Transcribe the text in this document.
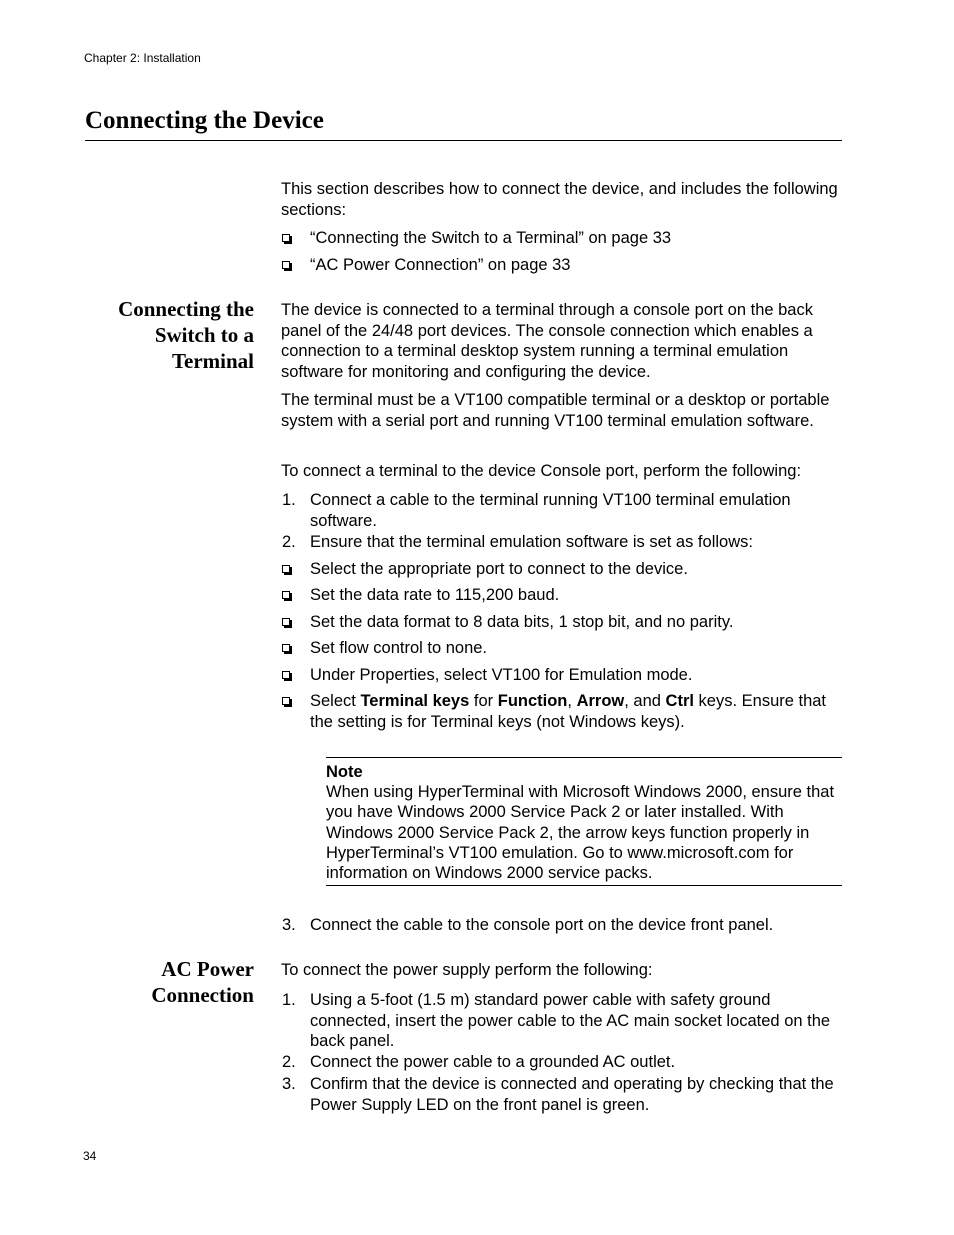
Chapter 2: Installation
Connecting the Device
This section describes how to connect the device, and includes the following sections:
“Connecting the Switch to a Terminal” on page 33
“AC Power Connection” on page 33
Connecting the
Switch to a
Terminal
The device is connected to a terminal through a console port on the back panel of the 24/48 port devices. The console connection which enables a connection to a terminal desktop system running a terminal emulation software for monitoring and configuring the device.
The terminal must be a VT100 compatible terminal or a desktop or portable system with a serial port and running VT100 terminal emulation software.
To connect a terminal to the device Console port, perform the following:
1. Connect a cable to the terminal running VT100 terminal emulation software.
2. Ensure that the terminal emulation software is set as follows:
Select the appropriate port to connect to the device.
Set the data rate to 115,200 baud.
Set the data format to 8 data bits, 1 stop bit, and no parity.
Set flow control to none.
Under Properties, select VT100 for Emulation mode.
Select Terminal keys for Function, Arrow, and Ctrl keys. Ensure that the setting is for Terminal keys (not Windows keys).
Note
When using HyperTerminal with Microsoft Windows 2000, ensure that you have Windows 2000 Service Pack 2 or later installed. With Windows 2000 Service Pack 2, the arrow keys function properly in HyperTerminal’s VT100 emulation. Go to www.microsoft.com for information on Windows 2000 service packs.
3. Connect the cable to the console port on the device front panel.
AC Power
Connection
To connect the power supply perform the following:
1. Using a 5-foot (1.5 m) standard power cable with safety ground connected, insert the power cable to the AC main socket located on the back panel.
2. Connect the power cable to a grounded AC outlet.
3. Confirm that the device is connected and operating by checking that the Power Supply LED on the front panel is green.
34
